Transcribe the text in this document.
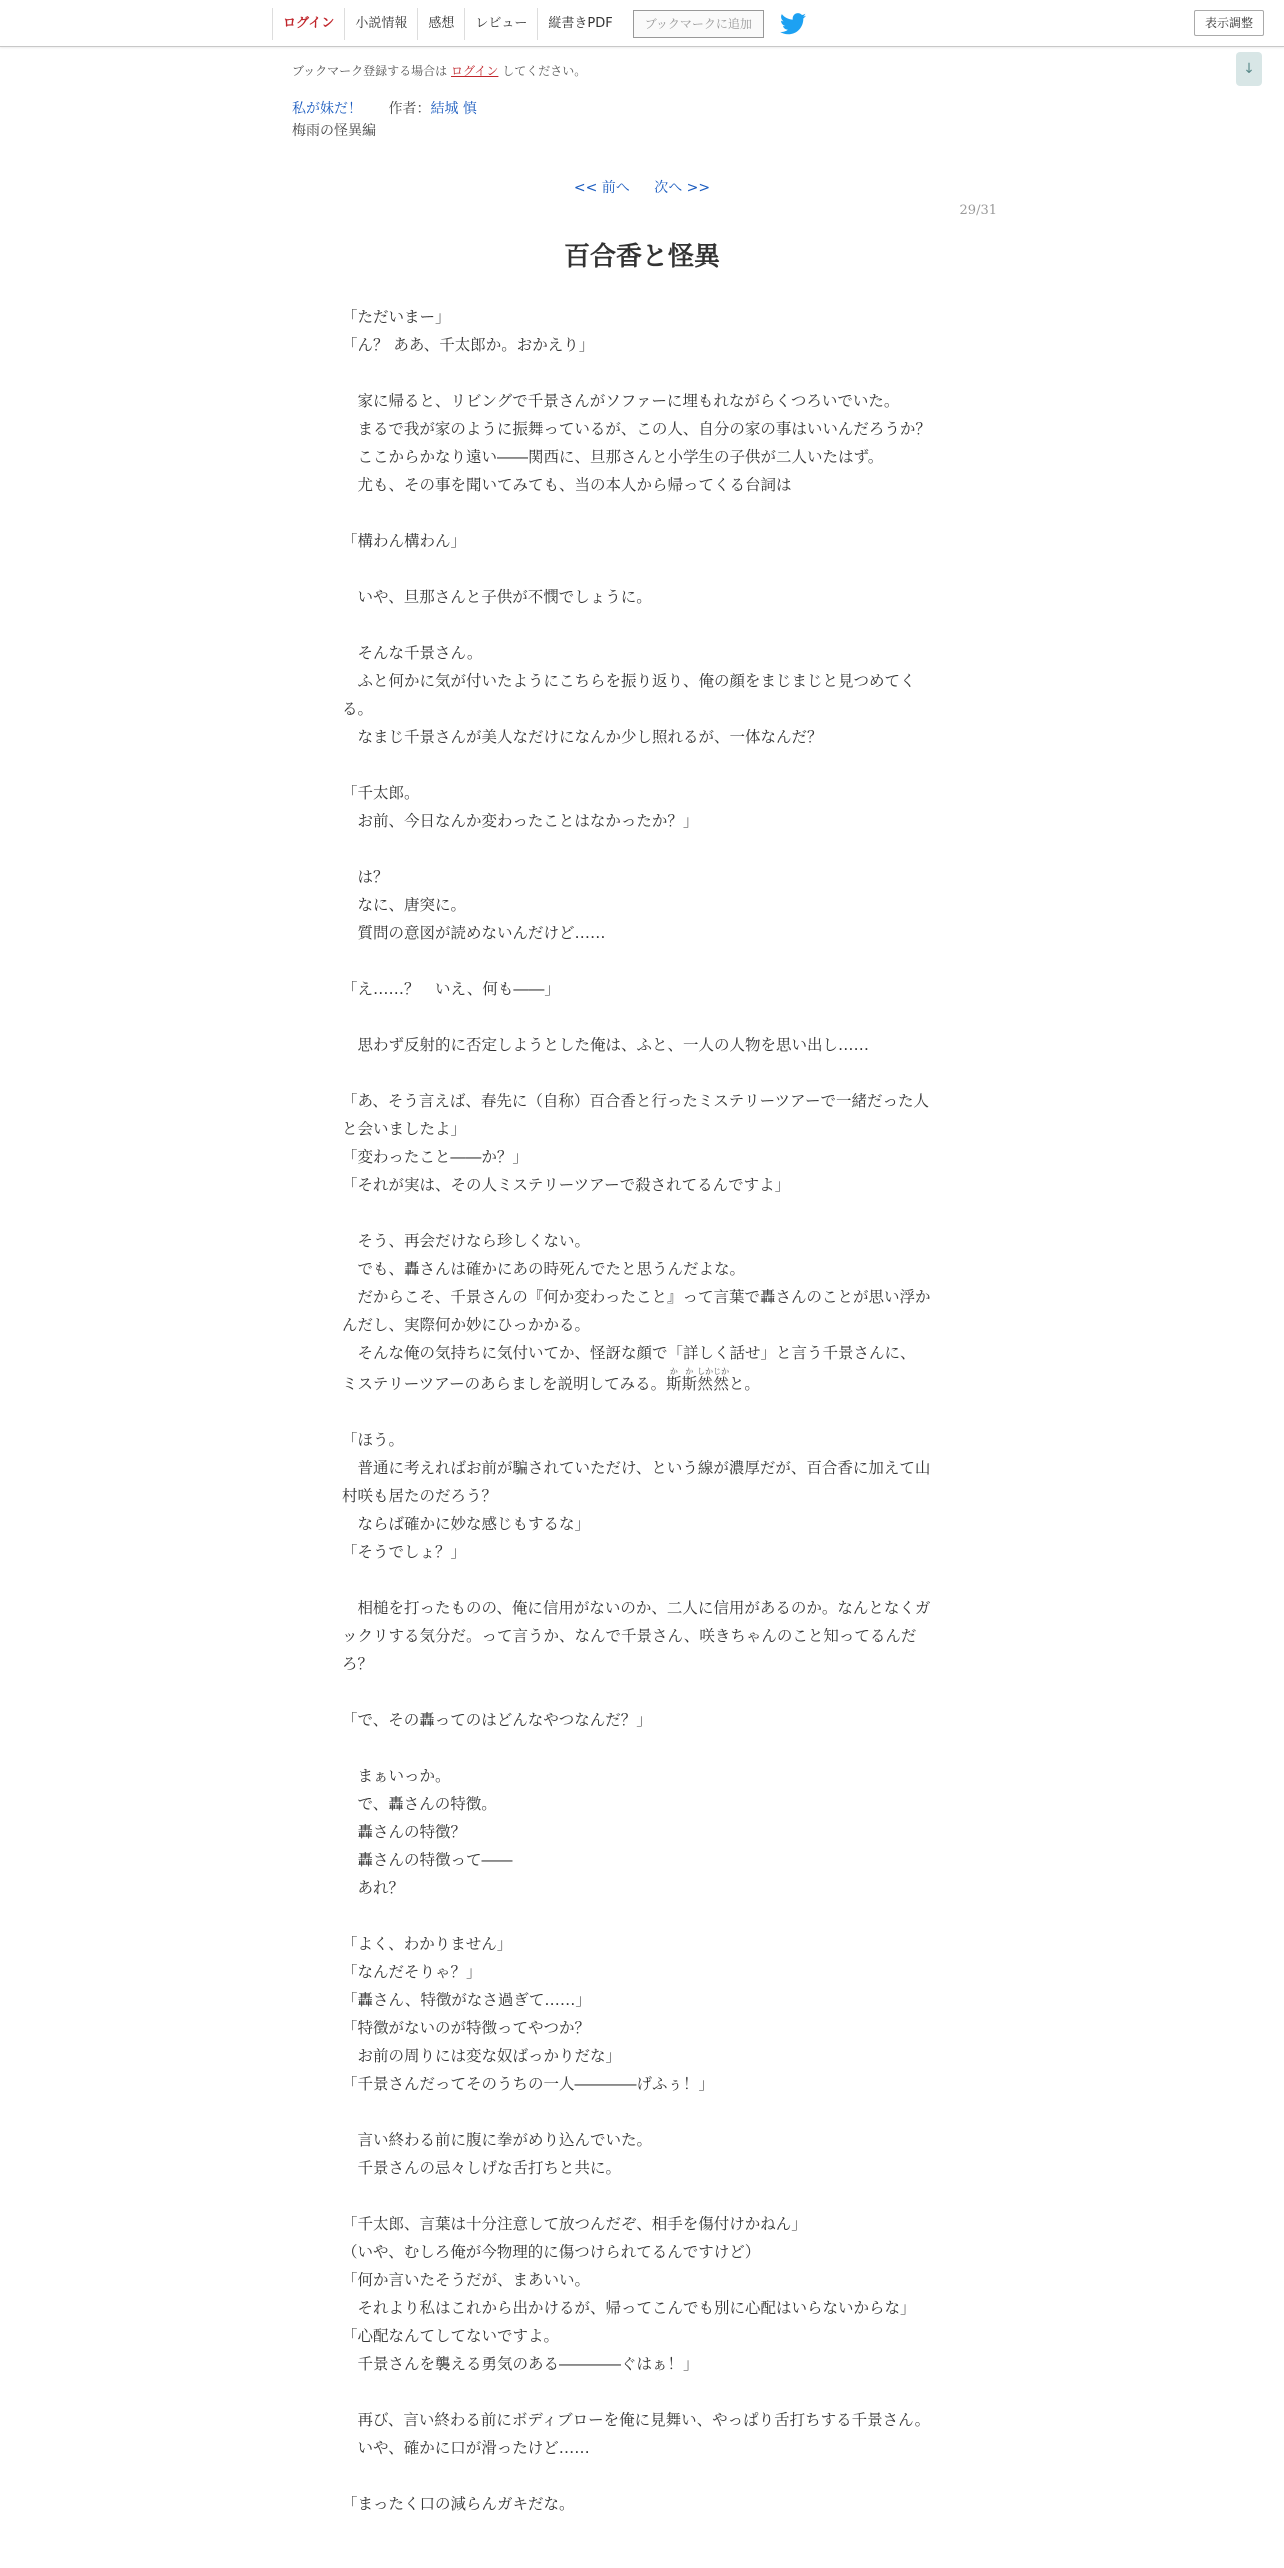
ログイン	小説情報	感想	レビュー	縦書きPDF	ブックマークに追加	表示調整
↓
ブックマーク登録する場合は ログイン してください。
私が妹だ！ 作者：結城 慎
梅雨の怪異編
<< 前へ 次へ >>
29/31
百合香と怪異

「ただいまー」

「ん？ ああ、千太郎か。おかえり」

　家に帰ると、リビングで千景さんがソファーに埋もれながらくつろいでいた。

　まるで我が家のように振舞っているが、この人、自分の家の事はいいんだろうか？

　ここからかなり遠い――関西に、旦那さんと小学生の子供が二人いたはず。

　尤も、その事を聞いてみても、当の本人から帰ってくる台詞は

「構わん構わん」

　いや、旦那さんと子供が不憫でしょうに。

　そんな千景さん。

　ふと何かに気が付いたようにこちらを振り返り、俺の顔をまじまじと見つめてくる。

　なまじ千景さんが美人なだけになんか少し照れるが、一体なんだ？

「千太郎。

　お前、今日なんか変わったことはなかったか？」

　は？

　なに、唐突に。

　質問の意図が読めないんだけど……

「え……？　いえ、何も――」

　思わず反射的に否定しようとした俺は、ふと、一人の人物を思い出し……

「あ、そう言えば、春先に（自称）百合香と行ったミステリーツアーで一緒だった人と会いましたよ」

「変わったこと――か？」

「それが実は、その人ミステリーツアーで殺されてるんですよ」

　そう、再会だけなら珍しくない。

　でも、轟さんは確かにあの時死んでたと思うんだよな。

　だからこそ、千景さんの『何か変わったこと』って言葉で轟さんのことが思い浮かんだし、実際何か妙にひっかかる。

　そんな俺の気持ちに気付いてか、怪訝な顔で「詳しく話せ」と言う千景さんに、

ミステリーツアーのあらましを説明してみる。斯か斯か然然しかじかと。

「ほう。

　普通に考えればお前が騙されていただけ、という線が濃厚だが、百合香に加えて山村咲も居たのだろう？

　ならば確かに妙な感じもするな」

「そうでしょ？」

　相槌を打ったものの、俺に信用がないのか、二人に信用があるのか。なんとなくガックリする気分だ。って言うか、なんで千景さん、咲きちゃんのこと知ってるんだろ？

「で、その轟ってのはどんなやつなんだ？」

　まぁいっか。

　で、轟さんの特徴。

　轟さんの特徴？

　轟さんの特徴って――

　あれ？

「よく、わかりません」

「なんだそりゃ？」

「轟さん、特徴がなさ過ぎて……」

「特徴がないのが特徴ってやつか？

　お前の周りには変な奴ばっかりだな」

「千景さんだってそのうちの一人――――げふぅ！」

　言い終わる前に腹に拳がめり込んでいた。

　千景さんの忌々しげな舌打ちと共に。

「千太郎、言葉は十分注意して放つんだぞ、相手を傷付けかねん」

（いや、むしろ俺が今物理的に傷つけられてるんですけど）

「何か言いたそうだが、まあいい。

　それより私はこれから出かけるが、帰ってこんでも別に心配はいらないからな」

「心配なんてしてないですよ。

　千景さんを襲える勇気のある――――ぐはぁ！」

　再び、言い終わる前にボディブローを俺に見舞い、やっぱり舌打ちする千景さん。

　いや、確かに口が滑ったけど……

「まったく口の減らんガキだな。
